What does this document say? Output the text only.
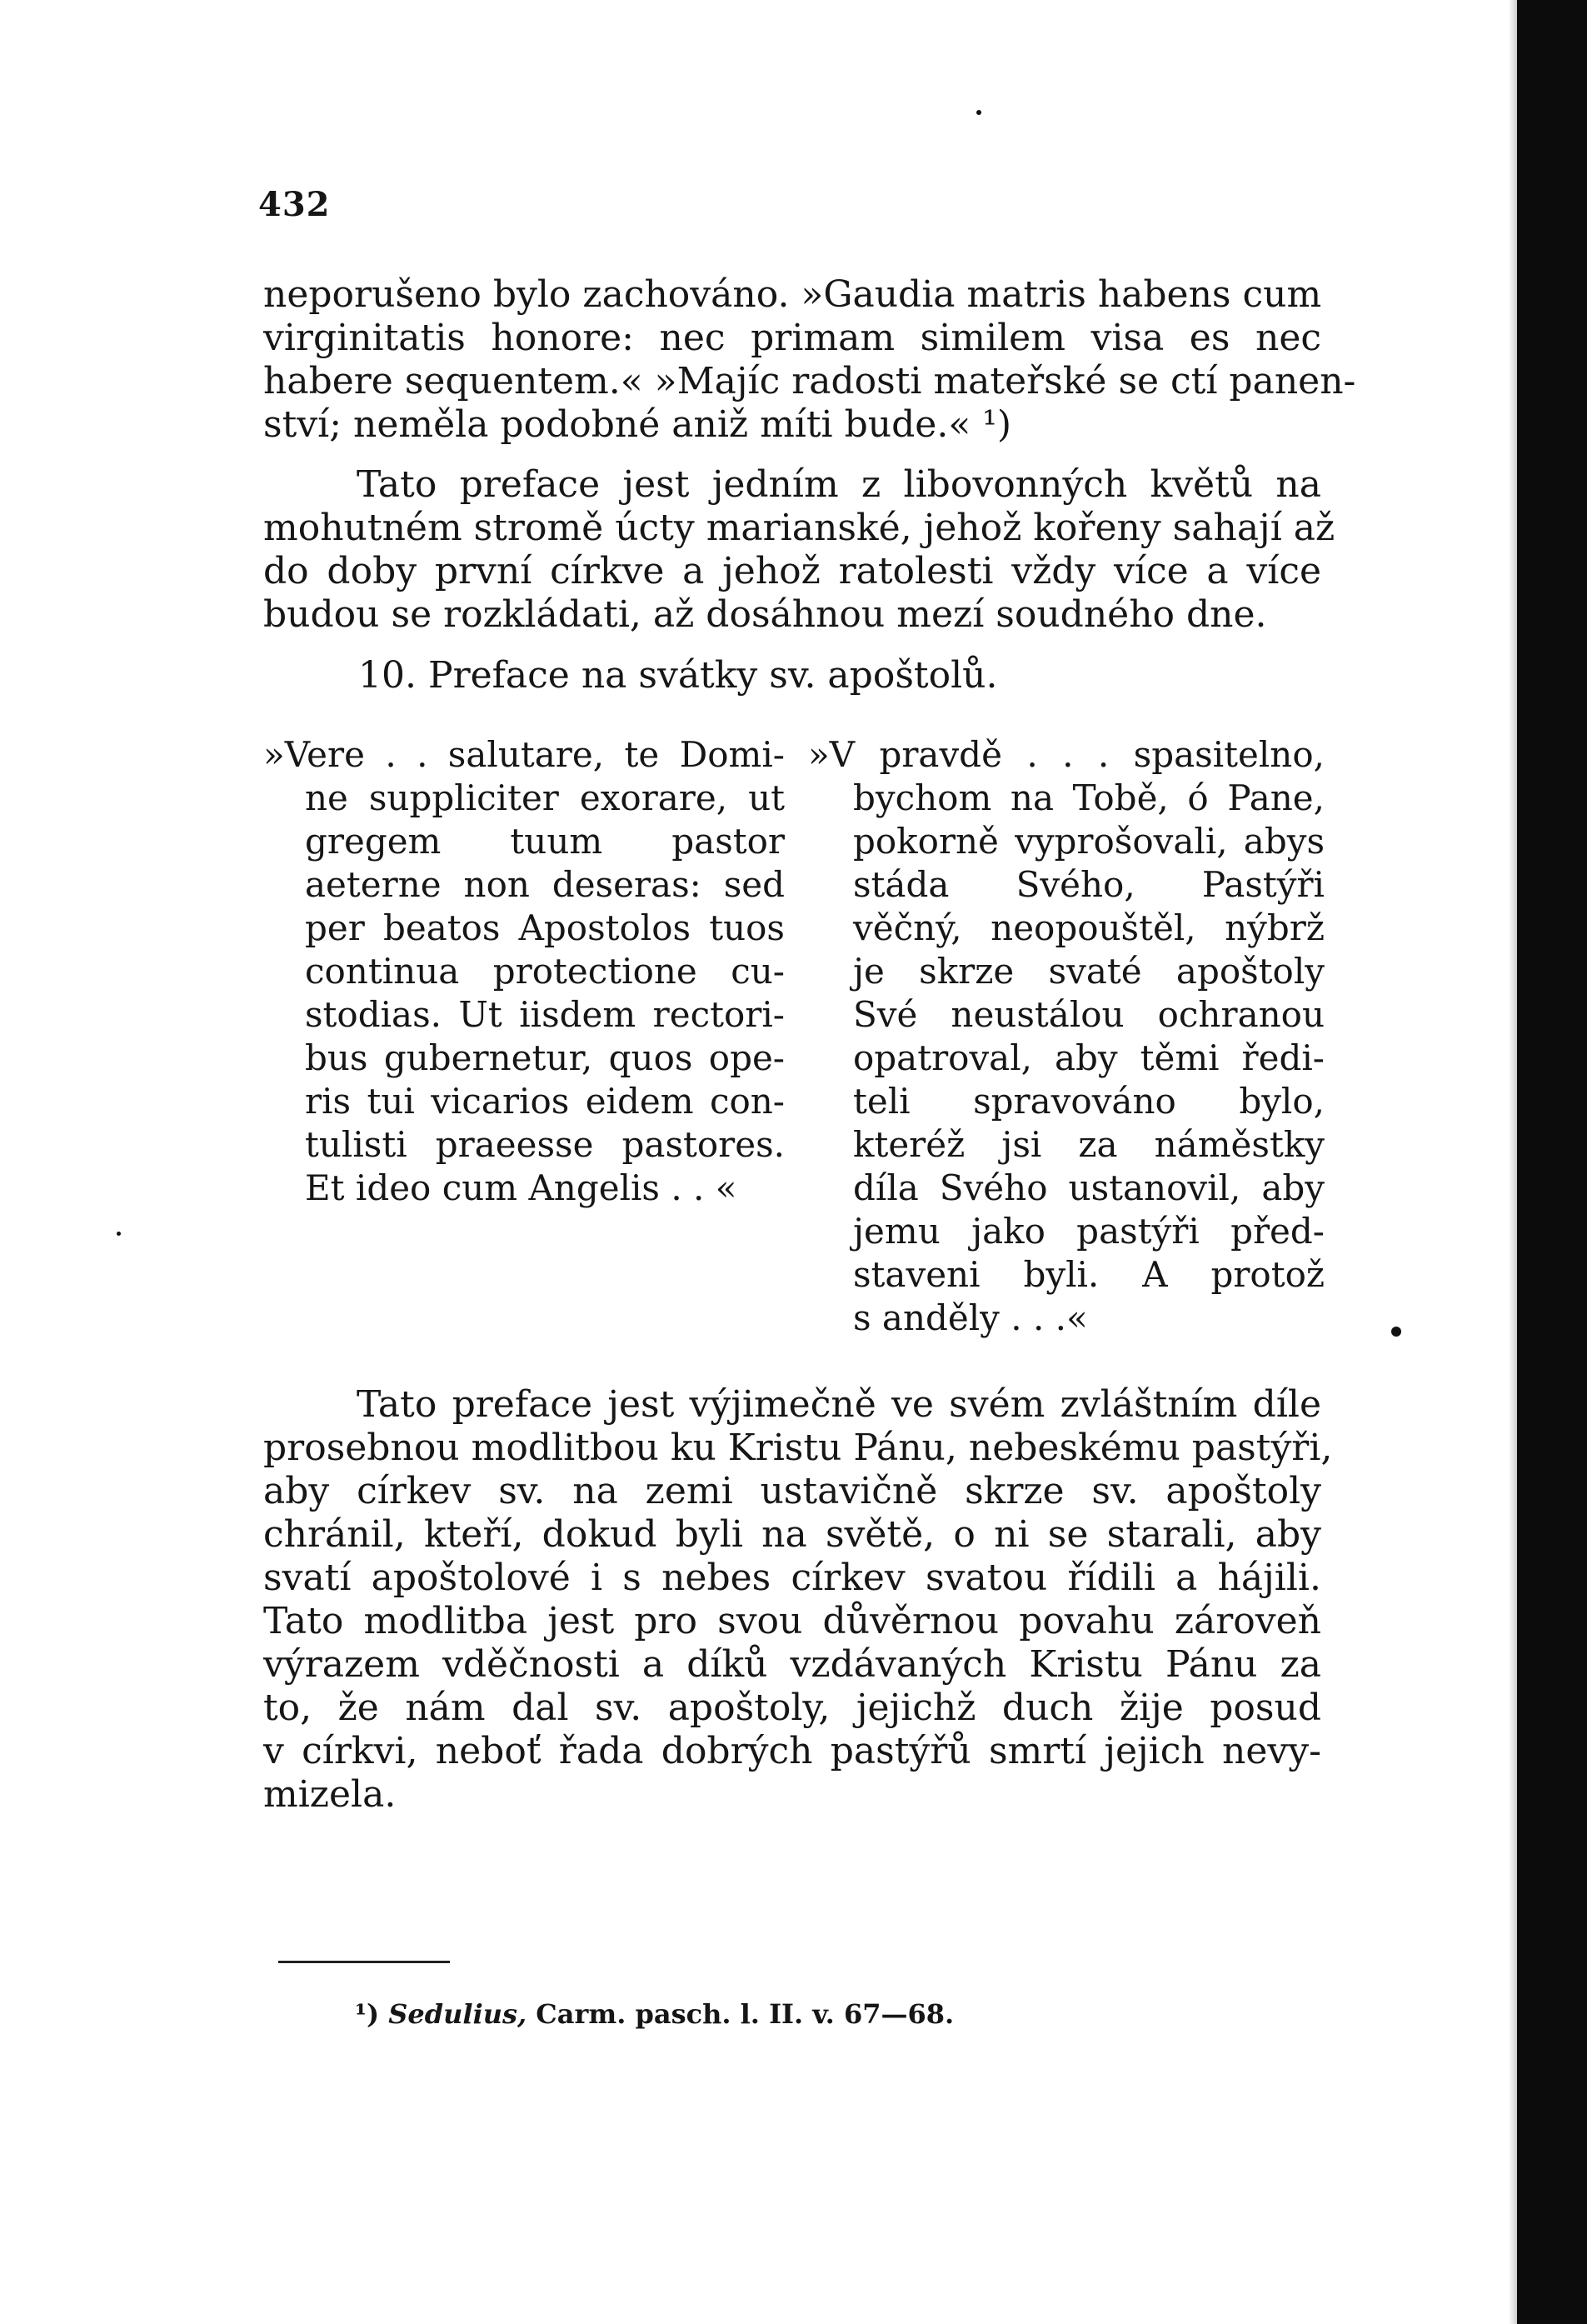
432
neporušeno bylo zachováno. »Gaudia matris habens cum
virginitatis honore: nec primam similem visa es nec
habere sequentem.« »Majíc radosti mateřské se ctí panen-
ství; neměla podobné aniž míti bude.« ¹)
Tato preface jest jedním z libovonných květů na
mohutném stromě úcty marianské, jehož kořeny sahají až
do doby první církve a jehož ratolesti vždy více a více
budou se rozkládati, až dosáhnou mezí soudného dne.
10. Preface na svátky sv. apoštolů.
»Vere . . salutare, te Domi-
ne suppliciter exorare, ut
gregem tuum pastor
aeterne non deseras: sed
per beatos Apostolos tuos
continua protectione cu-
stodias. Ut iisdem rectori-
bus gubernetur, quos ope-
ris tui vicarios eidem con-
tulisti praeesse pastores.
Et ideo cum Angelis . . «
»V pravdě . . . spasitelno,
bychom na Tobě, ó Pane,
pokorně vyprošovali, abys
stáda Svého, Pastýři
věčný, neopouštěl, nýbrž
je skrze svaté apoštoly
Své neustálou ochranou
opatroval, aby těmi ředi-
teli spravováno bylo,
kteréž jsi za náměstky
díla Svého ustanovil, aby
jemu jako pastýři před-
staveni byli. A protož
s anděly . . .«
Tato preface jest výjimečně ve svém zvláštním díle
prosebnou modlitbou ku Kristu Pánu, nebeskému pastýři,
aby církev sv. na zemi ustavičně skrze sv. apoštoly
chránil, kteří, dokud byli na světě, o ni se starali, aby
svatí apoštolové i s nebes církev svatou řídili a hájili.
Tato modlitba jest pro svou důvěrnou povahu zároveň
výrazem vděčnosti a díků vzdávaných Kristu Pánu za
to, že nám dal sv. apoštoly, jejichž duch žije posud
v církvi, neboť řada dobrých pastýřů smrtí jejich nevy-
mizela.
¹) Sedulius, Carm. pasch. l. II. v. 67—68.
